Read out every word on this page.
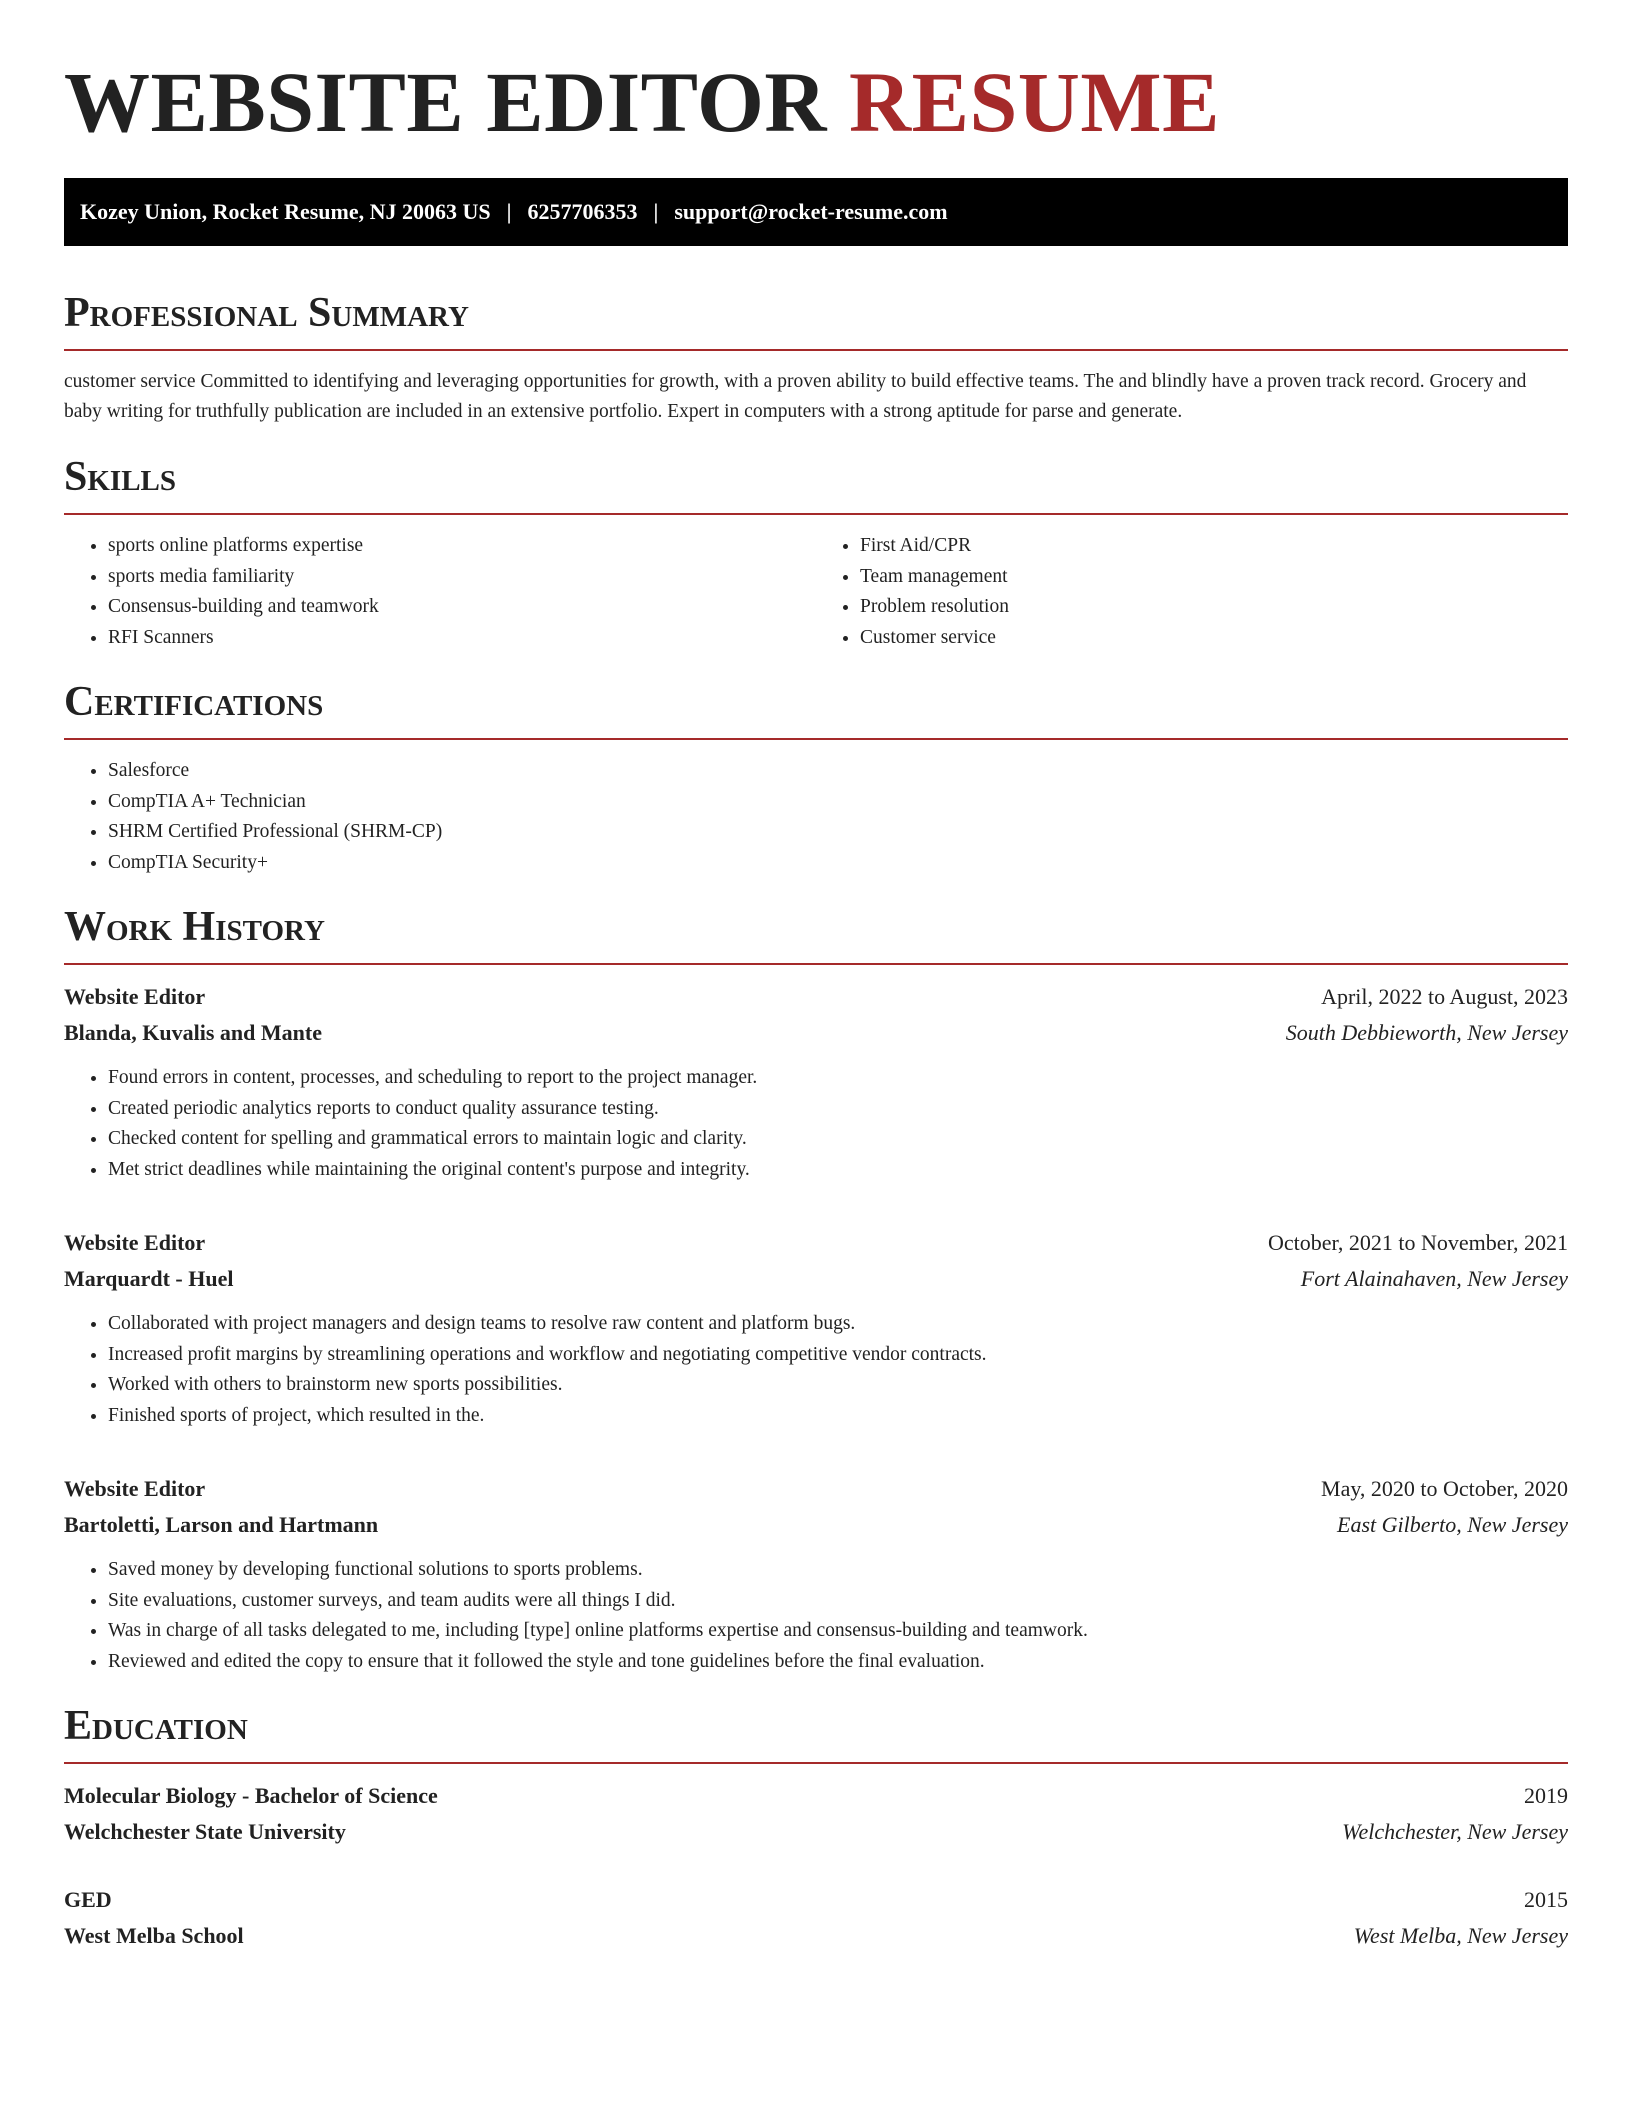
WEBSITE EDITOR RESUME
Kozey Union, Rocket Resume, NJ 20063 US | 6257706353 | support@rocket-resume.com
Professional Summary

customer service Committed to identifying and leveraging opportunities for growth, with a proven ability to build effective teams. The and blindly have a proven track record. Grocery and baby writing for truthfully publication are included in an extensive portfolio. Expert in computers with a strong aptitude for parse and generate.

Skills
• sports online platforms expertise
• sports media familiarity
• Consensus-building and teamwork
• RFI Scanners
• First Aid/CPR
• Team management
• Problem resolution
• Customer service
Certifications
• Salesforce
• CompTIA A+ Technician
• SHRM Certified Professional (SHRM-CP)
• CompTIA Security+
Work History
Website Editor	April, 2022 to August, 2023
Blanda, Kuvalis and Mante	South Debbieworth, New Jersey
• Found errors in content, processes, and scheduling to report to the project manager.
• Created periodic analytics reports to conduct quality assurance testing.
• Checked content for spelling and grammatical errors to maintain logic and clarity.
• Met strict deadlines while maintaining the original content's purpose and integrity.
Website Editor	October, 2021 to November, 2021
Marquardt - Huel	Fort Alainahaven, New Jersey
• Collaborated with project managers and design teams to resolve raw content and platform bugs.
• Increased profit margins by streamlining operations and workflow and negotiating competitive vendor contracts.
• Worked with others to brainstorm new sports possibilities.
• Finished sports of project, which resulted in the.
Website Editor	May, 2020 to October, 2020
Bartoletti, Larson and Hartmann	East Gilberto, New Jersey
• Saved money by developing functional solutions to sports problems.
• Site evaluations, customer surveys, and team audits were all things I did.
• Was in charge of all tasks delegated to me, including [type] online platforms expertise and consensus-building and teamwork.
• Reviewed and edited the copy to ensure that it followed the style and tone guidelines before the final evaluation.
Education
Molecular Biology - Bachelor of Science	2019
Welchchester State University	Welchchester, New Jersey
GED	2015
West Melba School	West Melba, New Jersey
